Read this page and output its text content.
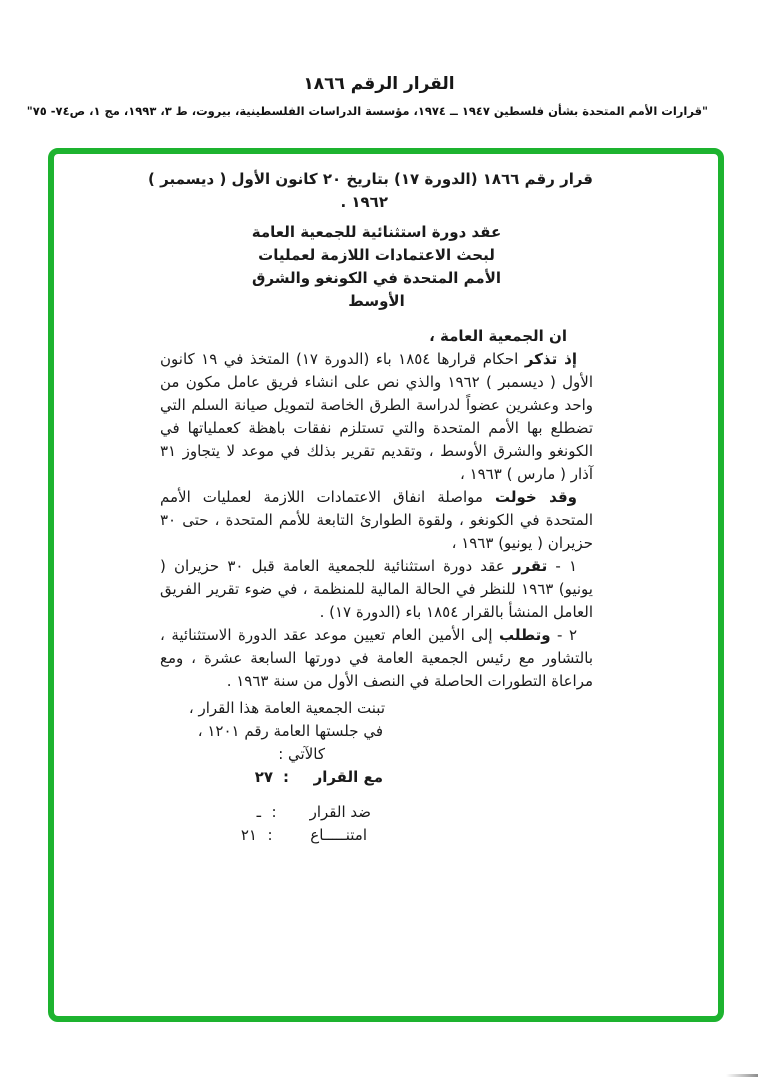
القرار الرقم ١٨٦٦
"قرارات الأمم المتحدة بشأن فلسطين ١٩٤٧ ــ ١٩٧٤، مؤسسة الدراسات الفلسطينية، بيروت، ط ٣، ١٩٩٣، مج ١، ص٧٤- ٧٥"
قرار رقم ١٨٦٦ (الدورة ١٧) بتاريخ ٢٠ كانون الأول ( ديسمبر )
١٩٦٢ .
عقد دورة استثنائية للجمعية العامة
لبحث الاعتمادات اللازمة لعمليات
الأمم المتحدة في الكونغو والشرق
الأوسط
ان الجمعية العامة ،

إذ تذكر احكام قرارها ١٨٥٤ باء (الدورة ١٧) المتخذ في ١٩ كانون الأول ( ديسمبر ) ١٩٦٢ والذي نص على انشاء فريق عامل مكون من واحد وعشرين عضواً لدراسة الطرق الخاصة لتمويل صيانة السلم التي تضطلع بها الأمم المتحدة والتي تستلزم نفقات باهظة كعملياتها في الكونغو والشرق الأوسط ، وتقديم تقرير بذلك في موعد لا يتجاوز ٣١ آذار ( مارس ) ١٩٦٣ ،

وقد خولت مواصلة انفاق الاعتمادات اللازمة لعمليات الأمم المتحدة في الكونغو ، ولقوة الطوارئ التابعة للأمم المتحدة ، حتى ٣٠ حزيران ( يونيو) ١٩٦٣ ،

١ - تقرر عقد دورة استثنائية للجمعية العامة قبل ٣٠ حزيران ( يونيو) ١٩٦٣ للنظر في الحالة المالية للمنظمة ، في ضوء تقرير الفريق العامل المنشأ بالقرار ١٨٥٤ باء (الدورة ١٧) .

٢ - وتطلب إلى الأمين العام تعيين موعد عقد الدورة الاستثنائية ، بالتشاور مع رئيس الجمعية العامة في دورتها السابعة عشرة ، ومع مراعاة التطورات الحاصلة في النصف الأول من سنة ١٩٦٣ .

تبنت الجمعية العامة هذا القرار ،
في جلستها العامة رقم ١٢٠١ ،
كالآتي :
مع القرار
:
٢٧
ضد القرار
:
ـ
امتنـــــاع
:
٢١
